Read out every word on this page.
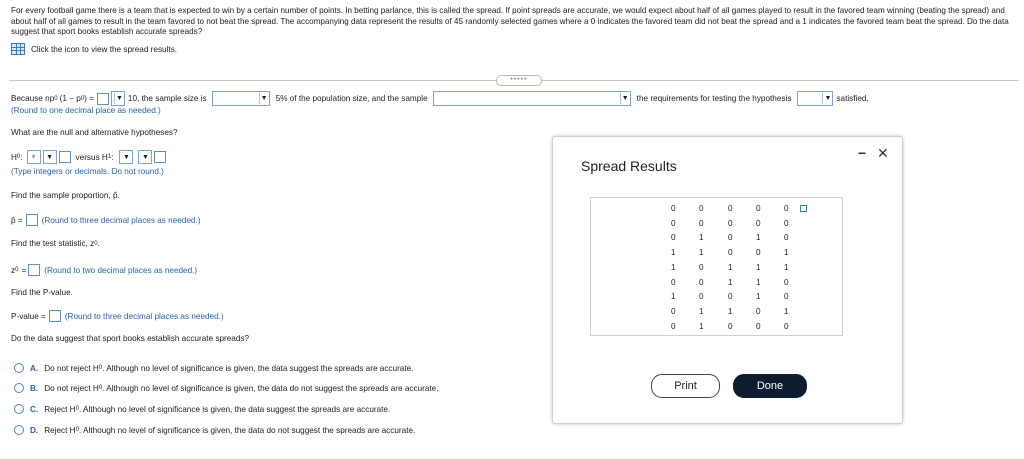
For every football game there is a team that is expected to win by a certain number of points. In betting parlance, this is called the spread. If point spreads are accurate, we would expect about half of all games played to result in the favored team winning (beating the spread) and about half of all games to result in the team favored to not beat the spread. The accompanying data represent the results of 45 randomly selected games where a 0 indicates the favored team did not beat the spread and a 1 indicates the favored team beat the spread. Do the data suggest that sport books establish accurate spreads?
Click the icon to view the spread results.
•••••
Because np 0 (1 − p 0 ) =	▼ 10, the sample size is	▼ 5% of the population size, and the sample	▼ the requirements for testing the hypothesis	▼ satisfied.
(Round to one decimal place as needed.)
What are the null and alternative hypotheses?
H 0 :	▼	▼	versus H 1 :	▼	▼
(Type integers or decimals. Do not round.)
Find the sample proportion, p̂.
p̂ = (Round to three decimal places as needed.)
Find the test statistic, z 0 .
z 0 = (Round to two decimal places as needed.)
Find the P-value.
P-value = (Round to three decimal places as needed.)
Do the data suggest that sport books establish accurate spreads?
A. Do not reject H 0 . Although no level of significance is given, the data suggest the spreads are accurate.
B. Do not reject H 0 . Although no level of significance is given, the data do not suggest the spreads are accurate.
C. Reject H 0 . Although no level of significance is given, the data suggest the spreads are accurate.
D. Reject H 0 . Although no level of significance is given, the data do not suggest the spreads are accurate.
Spread Results
− ✕
0	0	0	0	0
0	0	0	0	0
0	1	0	1	0
1	1	0	0	1
1	0	1	1	1
0	0	1	1	0
1	0	0	1	0
0	1	1	0	1
0	1	0	0	0
Print	Done
